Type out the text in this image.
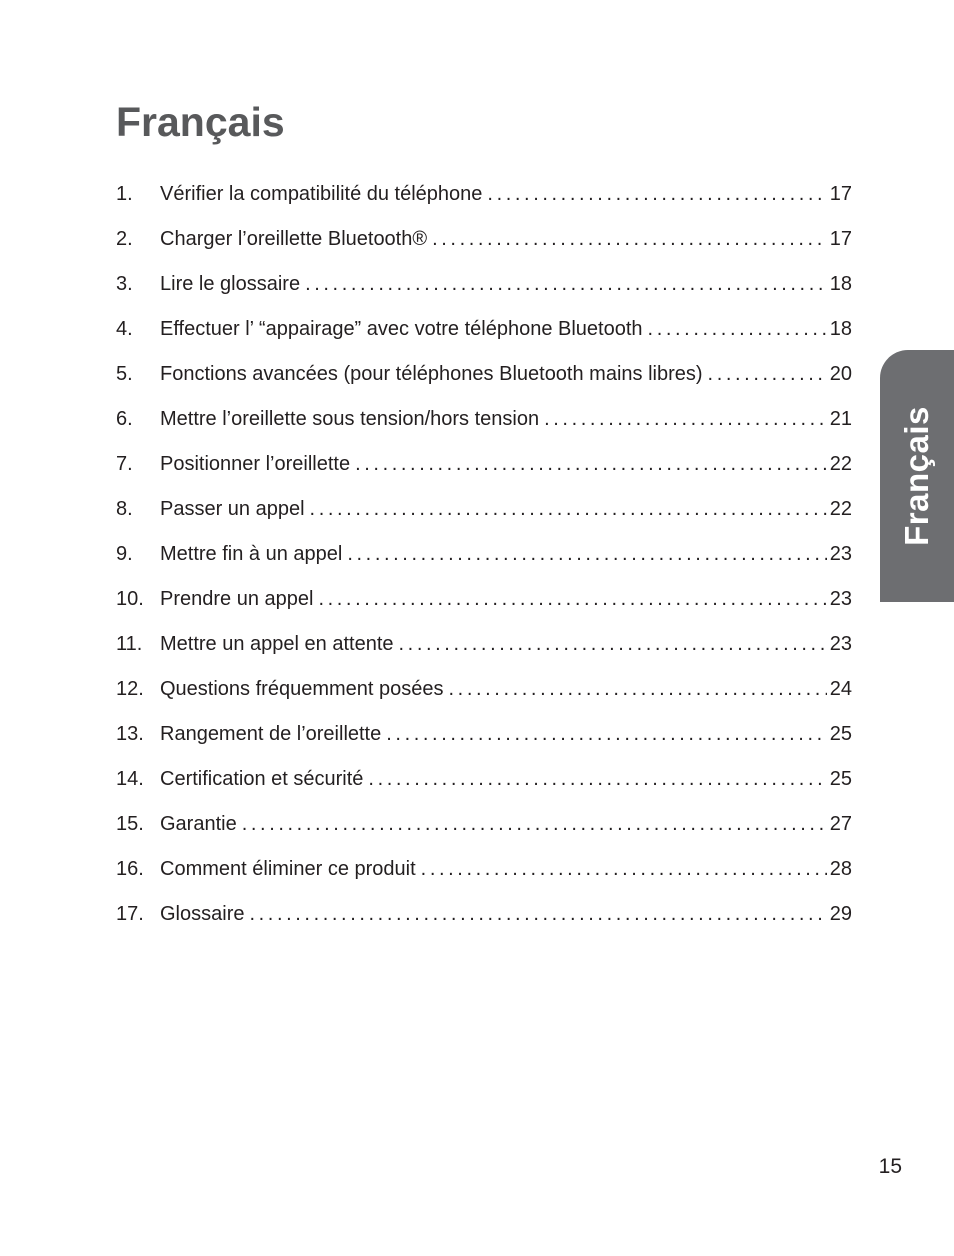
Français
1.	Vérifier la compatibilité du téléphone .....	17
2.	Charger l’oreillette Bluetooth® .....	17
3.	Lire le glossaire .....	18
4.	Effectuer l’ “appairage” avec votre téléphone Bluetooth .....	18
5.	Fonctions avancées (pour téléphones Bluetooth mains libres) .....	20
6.	Mettre l’oreillette sous tension/hors tension .....	21
7.	Positionner l’oreillette .....	22
8.	Passer un appel .....	22
9.	Mettre fin à un appel .....	23
10. Prendre un appel .....	23
11. Mettre un appel en attente .....	23
12. Questions fréquemment posées .....	24
13. Rangement de l’oreillette .....	25
14. Certification et sécurité .....	25
15. Garantie .....	27
16. Comment éliminer ce produit .....	28
17. Glossaire .....	29
Français
15
